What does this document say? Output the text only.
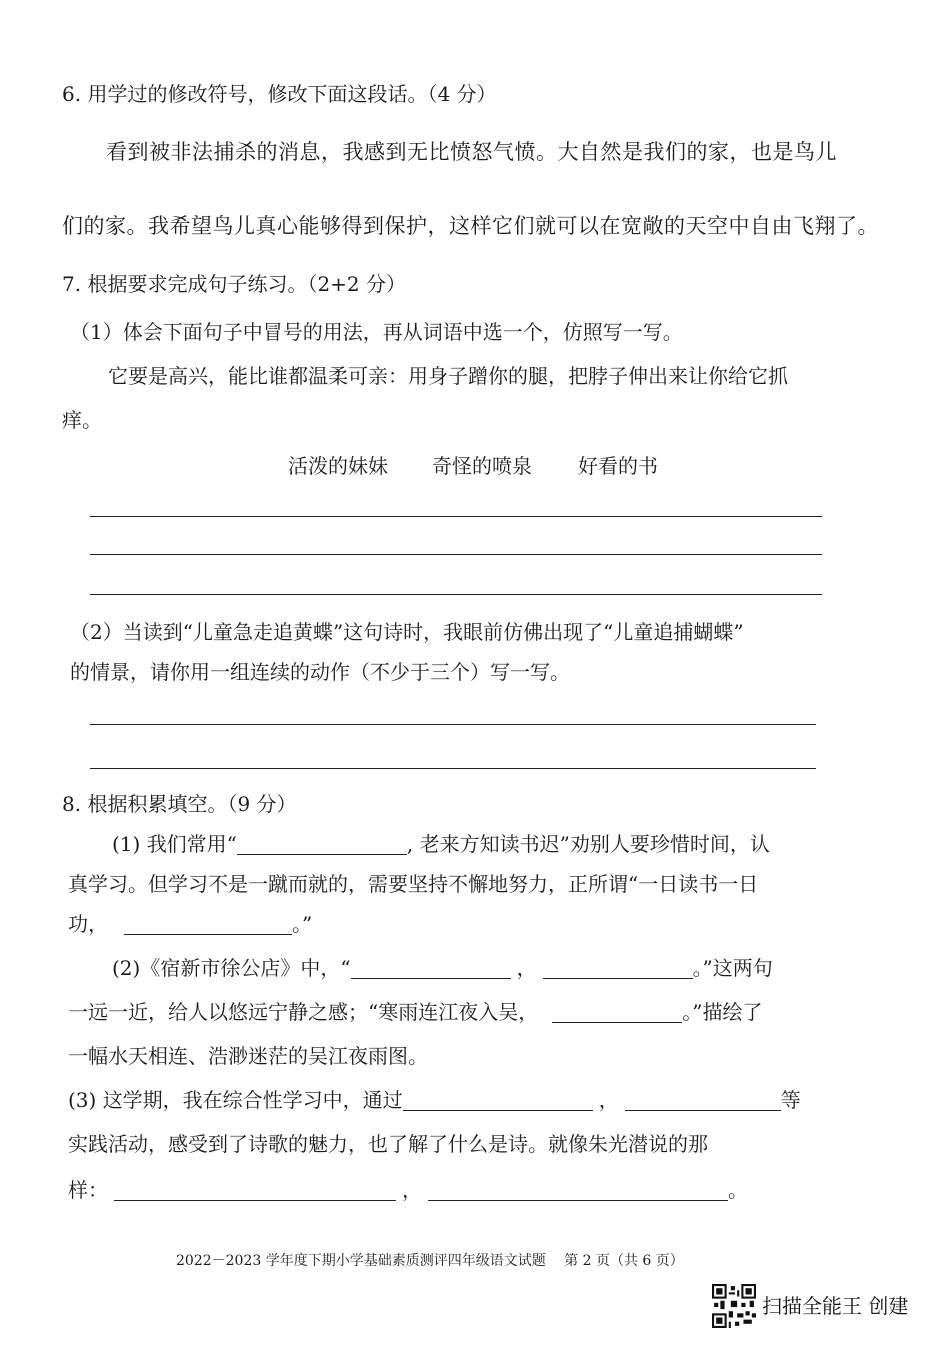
6. 用学过的修改符号，修改下面这段话。（4 分）
看到被非法捕杀的消息，我感到无比愤怒气愤。大自然是我们的家，也是鸟儿
们的家。我希望鸟儿真心能够得到保护，这样它们就可以在宽敞的天空中自由飞翔了。
7. 根据要求完成句子练习。（2+2 分）
（1）体会下面句子中冒号的用法，再从词语中选一个，仿照写一写。
它要是高兴，能比谁都温柔可亲：用身子蹭你的腿，把脖子伸出来让你给它抓
痒。
活泼的妹妹 奇怪的喷泉 好看的书
（2）当读到“儿童急走追黄蝶”这句诗时，我眼前仿佛出现了“儿童追捕蝴蝶”
的情景，请你用一组连续的动作（不少于三个）写一写。
8. 根据积累填空。（9 分）
(1) 我们常用“	, 老来方知读书迟”劝别人要珍惜时间，认
真学习。但学习不是一蹴而就的，需要坚持不懈地努力，正所谓“一日读书一日
功，	。”
(2)《宿新市徐公店》中，“	，	。”这两句
一远一近，给人以悠远宁静之感；“寒雨连江夜入吴，	。”描绘了
一幅水天相连、浩渺迷茫的吴江夜雨图。
(3) 这学期，我在综合性学习中，通过	，	等
实践活动，感受到了诗歌的魅力，也了解了什么是诗。就像朱光潜说的那
样：	，	。
2022－2023 学年度下期小学基础素质测评四年级语文试题 第 2 页（共 6 页）
扫描全能王 创建
